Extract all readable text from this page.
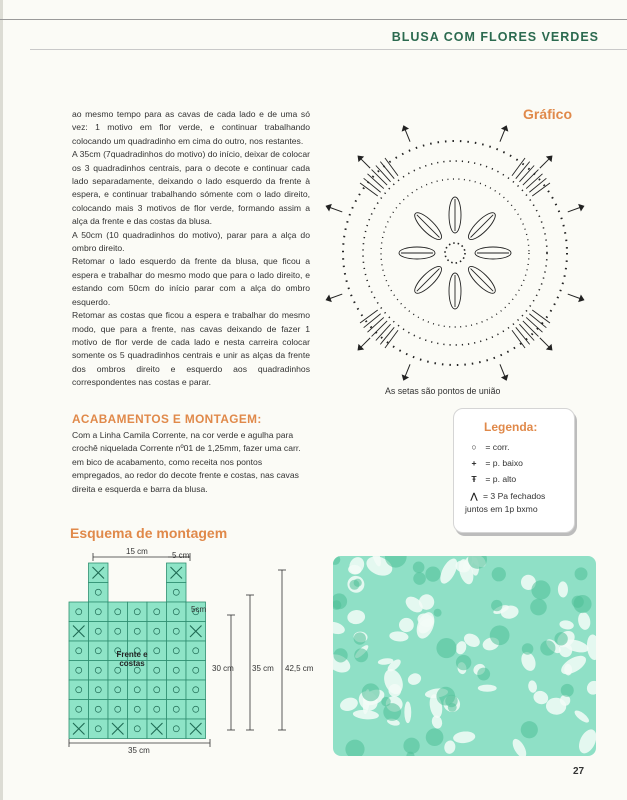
BLUSA COM FLORES VERDES

ao mesmo tempo para as cavas de cada lado e de uma só vez: 1 motivo em flor verde, e continuar trabalhando colocando um quadradinho em cima do outro, nos restantes.

A 35cm (7quadradinhos do motivo) do início, deixar de colocar os 3 quadradinhos centrais, para o decote e continuar cada lado separadamente, deixando o lado esquerdo da frente à espera, e continuar trabalhando sómente com o lado direito, colocando mais 3 motivos de flor verde, formando assim a alça da frente e das costas da blusa.

A 50cm (10 quadradinhos do motivo), parar para a alça do ombro direito.

Retomar o lado esquerdo da frente da blusa, que ficou a espera e trabalhar do mesmo modo que para o lado direito, e estando com 50cm do início parar com a alça do ombro esquerdo.

Retomar as costas que ficou a espera e trabalhar do mesmo modo, que para a frente, nas cavas deixando de fazer 1 motivo de flor verde de cada lado e nesta carreira colocar somente os 5 quadradinhos centrais e unir as alças da frente dos ombros direito e esquerdo aos quadradinhos correspondentes nas costas e parar.

ACABAMENTOS E MONTAGEM:
Com a Linha Camila Corrente, na cor verde e agulha para crochê niquelada Corrente nº01 de 1,25mm, fazer uma carr. em bico de acabamento, como receita nos pontos empregados, ao redor do decote frente e costas, nas cavas direita e esquerda e barra da blusa.
Gráfico
As setas são pontos de união
Legenda:
○ = corr.
+ = p. baixo
Ŧ = p. alto
⋀ = 3 Pa fechados juntos em 1p bxmo
Esquema de montagem
15 cm	5 cm
5cm
35 cm
30 cm 35 cm 42,5 cm
Frente e costas
27
